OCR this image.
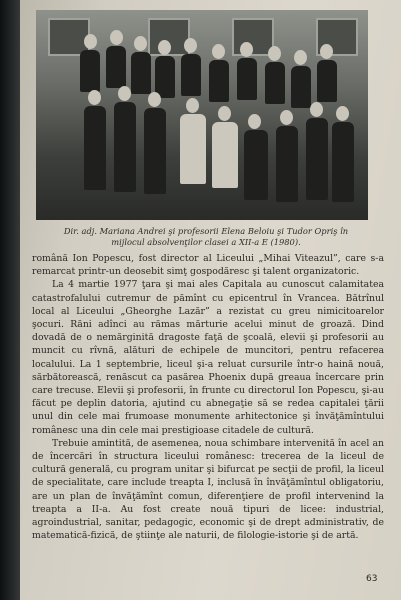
Dir. adj. Mariana Andrei şi profesorii Elena Beloiu şi Tudor Opriş în mijlocul absolvenţilor clasei a XII-a E (1980).

română Ion Popescu, fost director al Liceului „Mihai Viteazul”, care s-a remarcat printr-un deosebit simţ gospodăresc şi talent organizatoric.

La 4 martie 1977 ţara şi mai ales Capitala au cunoscut calamitatea catastrofalului cutremur de pămînt cu epicentrul în Vrancea. Bătrînul local al Liceului „Gheorghe Lazăr” a rezistat cu greu nimicitoarelor şocuri. Răni adînci au rămas mărturie acelui minut de groază. Dind dovadă de o nemărginită dragoste faţă de şcoală, elevii şi profesorii au muncit cu rîvnă, alături de echipele de muncitori, pentru refacerea localului. La 1 septembrie, liceul şi-a reluat cursurile într-o haină nouă, sărbătorească, renăscut ca pasărea Phoenix după greaua încercare prin care trecuse. Elevii şi profesorii, în frunte cu directorul Ion Popescu, şi-au făcut pe deplin datoria, ajutind cu abnegaţie să se redea capitalei ţării unul din cele mai frumoase monumente arhitectonice şi învăţămîntului românesc una din cele mai prestigioase citadele de cultură.

Trebuie amintită, de asemenea, noua schimbare intervenită în acel an de încercări în structura liceului românesc: trecerea de la liceul de cultură generală, cu program unitar şi bifurcat pe secţii de profil, la liceul de specialitate, care include treapta I, inclusă în învăţămîntul obligatoriu, are un plan de învăţămînt comun, diferenţiere de profil intervenind la treapta a II-a. Au fost create nouă tipuri de licee: industrial, agroindustrial, sanitar, pedagogic, economic şi de drept administrativ, de matematică-fizică, de ştiinţe ale naturii, de filologie-istorie şi de artă.

63
